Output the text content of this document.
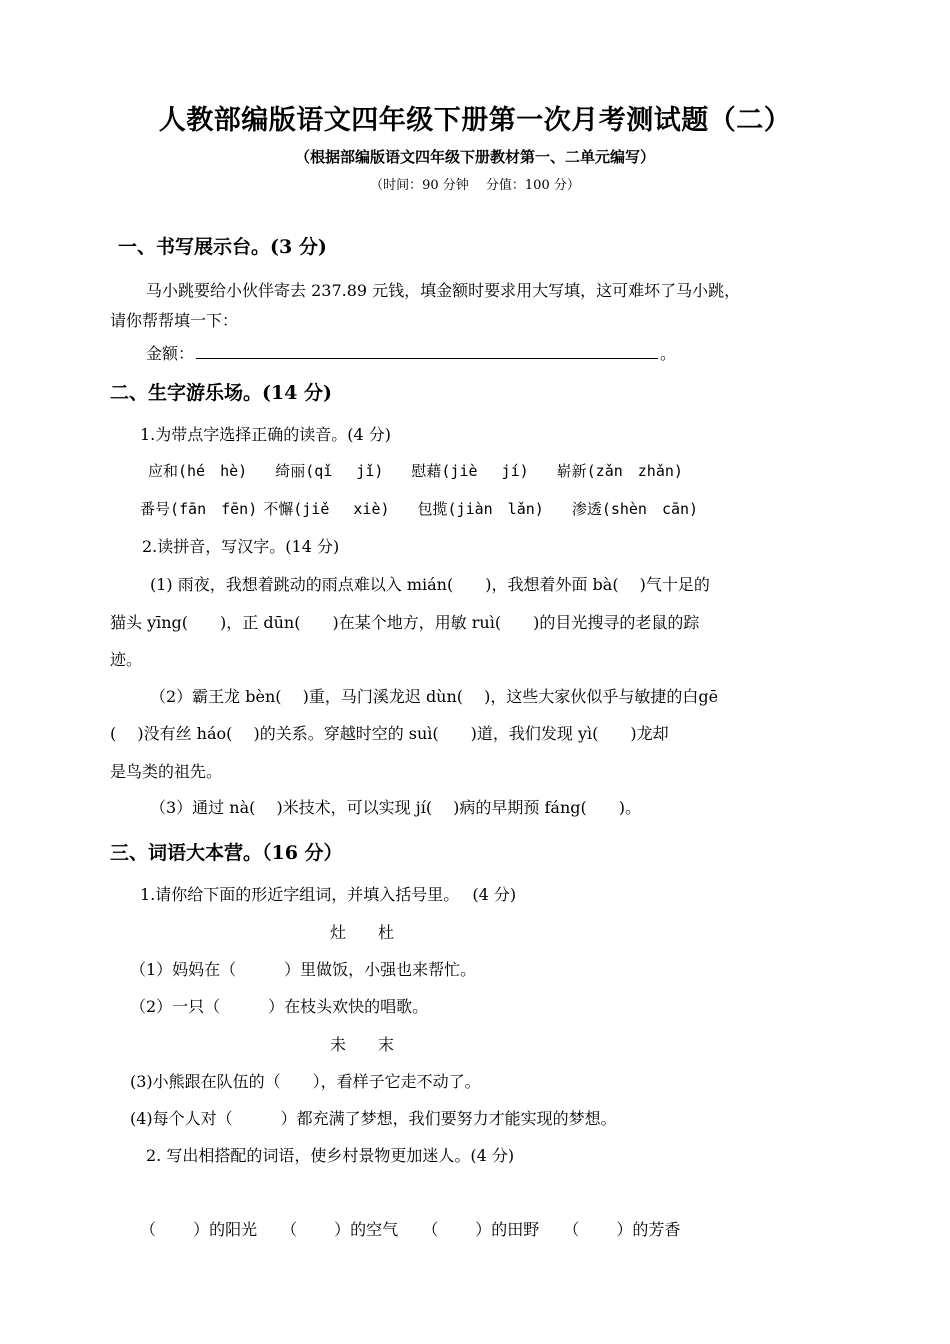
人教部编版语文四年级下册第一次月考测试题（二）
（根据部编版语文四年级下册教材第一、二单元编写）
（时间：90 分钟　 分值：100 分）
一、书写展示台。(3 分)
马小跳要给小伙伴寄去 237.89 元钱，填金额时要求用大写填，这可难坏了马小跳，
请你帮帮填一下：
金额：	。
二、生字游乐场。(14 分)
1.为带点字选择正确的读音。(4 分)
应和(hé　hè) 绮丽(qǐ　 jǐ) 慰藉(jiè　 jí) 崭新(zǎn　zhǎn)
番号(fān　fēn) 不懈(jiě　 xiè) 包揽(jiàn　lǎn) 渗透(shèn　cān)
2.读拼音，写汉字。(14 分)
(1) 雨夜，我想着跳动的雨点难以入 mián(　　)，我想着外面 bà(　 )气十足的
猫头 yīng(　　)，正 dūn(　　)在某个地方，用敏 ruì(　　)的目光搜寻的老鼠的踪
迹。
（2）霸王龙 bèn(　 )重，马门溪龙迟 dùn(　 )，这些大家伙似乎与敏捷的白gē
(　 )没有丝 háo(　 )的关系。穿越时空的 suì(　　)道，我们发现 yì(　　)龙却
是鸟类的祖先。
（3）通过 nà(　 )米技术，可以实现 jí(　 )病的早期预 fáng(　　)。
三、词语大本营。（16 分）
1.请你给下面的形近字组词，并填入括号里。　 (4 分)
灶　　杜
（1）妈妈在（　　　）里做饭，小强也来帮忙。
（2）一只（　　　）在枝头欢快的唱歌。
未　　末
(3)小熊跟在队伍的（　　），看样子它走不动了。
(4)每个人对（　　　）都充满了梦想，我们要努力才能实现的梦想。
2. 写出相搭配的词语，使乡村景物更加迷人。(4 分)
（　　 ）的阳光 （　　 ）的空气 （　　 ）的田野 （　　 ）的芳香
